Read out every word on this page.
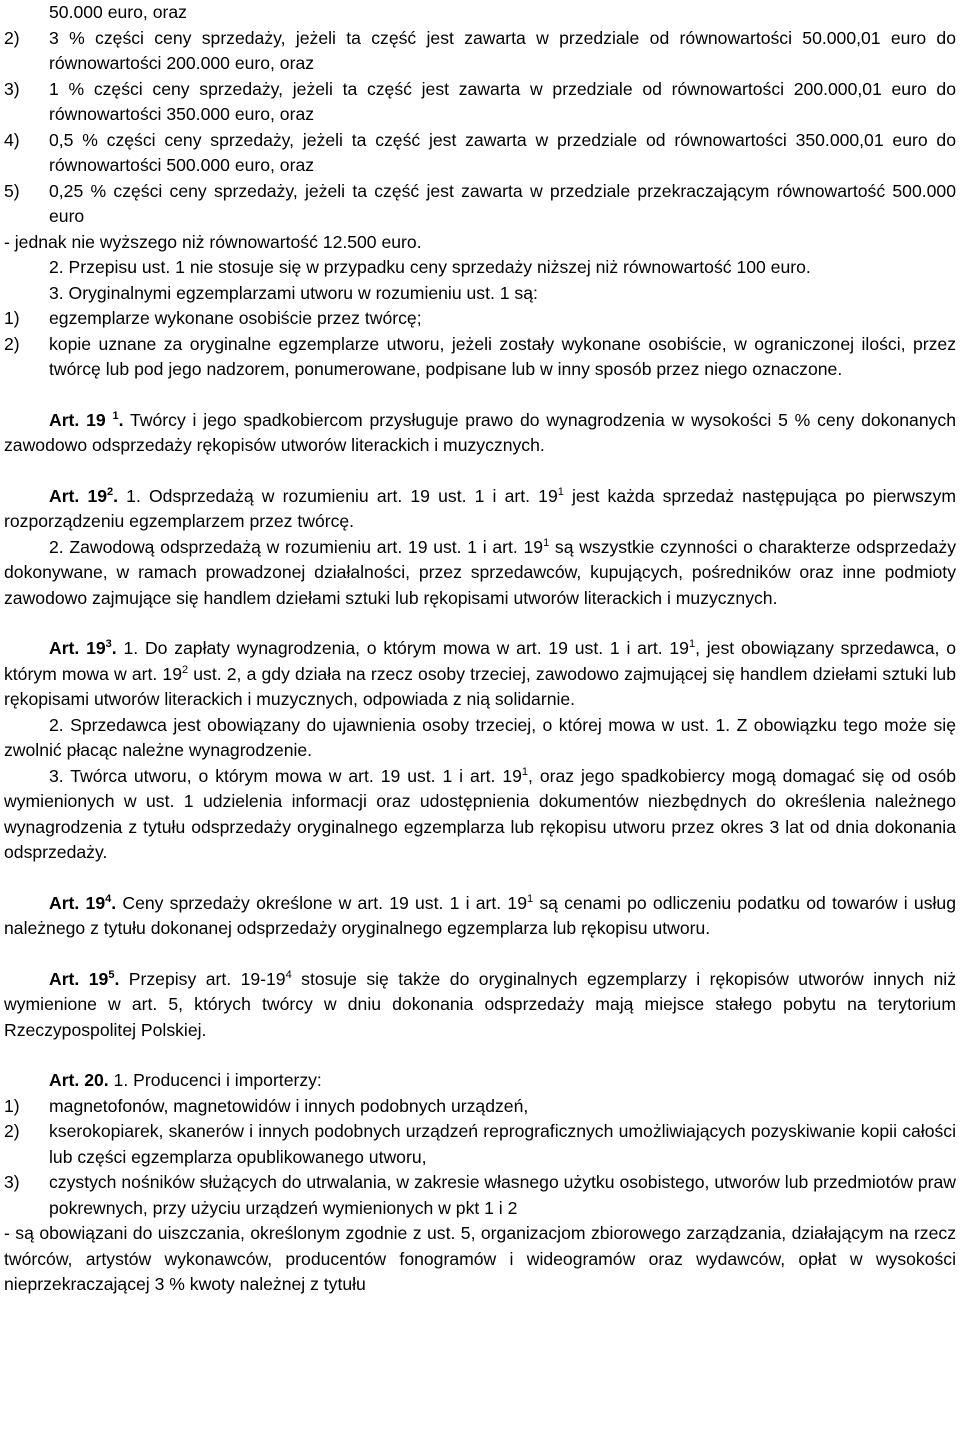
50.000 euro, oraz

2)	3 % części ceny sprzedaży, jeżeli ta część jest zawarta w przedziale od równowartości 50.000,01 euro do równowartości 200.000 euro, oraz
3)	1 % części ceny sprzedaży, jeżeli ta część jest zawarta w przedziale od równowartości 200.000,01 euro do równowartości 350.000 euro, oraz
4)	0,5 % części ceny sprzedaży, jeżeli ta część jest zawarta w przedziale od równowartości 350.000,01 euro do równowartości 500.000 euro, oraz
5)	0,25 % części ceny sprzedaży, jeżeli ta część jest zawarta w przedziale przekraczającym równowartość 500.000 euro

- jednak nie wyższego niż równowartość 12.500 euro.

2. Przepisu ust. 1 nie stosuje się w przypadku ceny sprzedaży niższej niż równowartość 100 euro.

3. Oryginalnymi egzemplarzami utworu w rozumieniu ust. 1 są:

1)	egzemplarze wykonane osobiście przez twórcę;
2)	kopie uznane za oryginalne egzemplarze utworu, jeżeli zostały wykonane osobiście, w ograniczonej ilości, przez twórcę lub pod jego nadzorem, ponumerowane, podpisane lub w inny sposób przez niego oznaczone.

Art. 19 $^1$. Twórcy i jego spadkobiercom przysługuje prawo do wynagrodzenia w wysokości 5 % ceny dokonanych zawodowo odsprzedaży rękopisów utworów literackich i muzycznych.

Art. $19^2$. 1. Odsprzedażą w rozumieniu art. 19 ust. 1 i art. $19^1$ jest każda sprzedaż następująca po pierwszym rozporządzeniu egzemplarzem przez twórcę.

2. Zawodową odsprzedażą w rozumieniu art. 19 ust. 1 i art. $19^1$ są wszystkie czynności o charakterze odsprzedaży dokonywane, w ramach prowadzonej działalności, przez sprzedawców, kupujących, pośredników oraz inne podmioty zawodowo zajmujące się handlem dziełami sztuki lub rękopisami utworów literackich i muzycznych.

Art. $19^3$. 1. Do zapłaty wynagrodzenia, o którym mowa w art. 19 ust. 1 i art. $19^1$, jest obowiązany sprzedawca, o którym mowa w art. $19^2$ ust. 2, a gdy działa na rzecz osoby trzeciej, zawodowo zajmującej się handlem dziełami sztuki lub rękopisami utworów literackich i muzycznych, odpowiada z nią solidarnie.

2. Sprzedawca jest obowiązany do ujawnienia osoby trzeciej, o której mowa w ust. 1. Z obowiązku tego może się zwolnić płacąc należne wynagrodzenie.

3. Twórca utworu, o którym mowa w art. 19 ust. 1 i art. $19^1$, oraz jego spadkobiercy mogą domagać się od osób wymienionych w ust. 1 udzielenia informacji oraz udostępnienia dokumentów niezbędnych do określenia należnego wynagrodzenia z tytułu odsprzedaży oryginalnego egzemplarza lub rękopisu utworu przez okres 3 lat od dnia dokonania odsprzedaży.

Art. $19^4$. Ceny sprzedaży określone w art. 19 ust. 1 i art. $19^1$ są cenami po odliczeniu podatku od towarów i usług należnego z tytułu dokonanej odsprzedaży oryginalnego egzemplarza lub rękopisu utworu.

Art. $19^5$. Przepisy art. $19-19^4$ stosuje się także do oryginalnych egzemplarzy i rękopisów utworów innych niż wymienione w art. 5, których twórcy w dniu dokonania odsprzedaży mają miejsce stałego pobytu na terytorium Rzeczypospolitej Polskiej.

Art. 20. 1. Producenci i importerzy:

1)	magnetofonów, magnetowidów i innych podobnych urządzeń,
2)	kserokopiarek, skanerów i innych podobnych urządzeń reprograficznych umożliwiających pozyskiwanie kopii całości lub części egzemplarza opublikowanego utworu,
3)	czystych nośników służących do utrwalania, w zakresie własnego użytku osobistego, utworów lub przedmiotów praw pokrewnych, przy użyciu urządzeń wymienionych w pkt 1 i 2

- są obowiązani do uiszczania, określonym zgodnie z ust. 5, organizacjom zbiorowego zarządzania, działającym na rzecz twórców, artystów wykonawców, producentów fonogramów i wideogramów oraz wydawców, opłat w wysokości nieprzekraczającej 3 % kwoty należnej z tytułu
